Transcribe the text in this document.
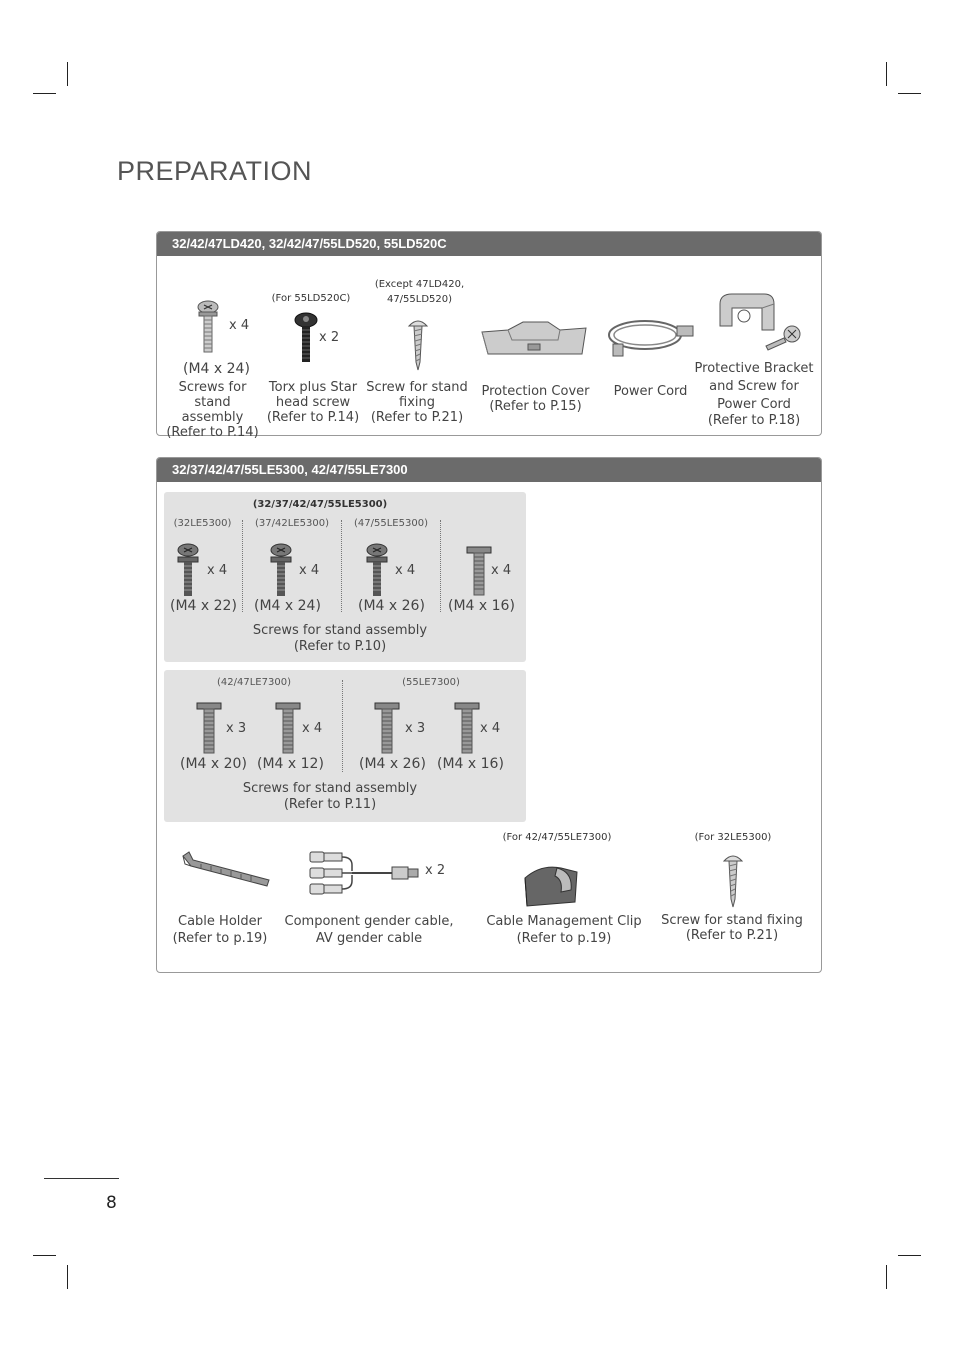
PREPARATION
32/42/47LD420, 32/42/47/55LD520, 55LD520C
x 4
(M4 x 24)
Screws for stand
assembly
(Refer to P.14)
(For 55LD520C)
x 2
Torx plus Star
head screw
(Refer to P.14)
(Except 47LD420,
47/55LD520)
Screw for stand
fixing
(Refer to P.21)
Protection Cover
(Refer to P.15)
Power Cord
Protective Bracket
and Screw for
Power Cord
(Refer to P.18)
32/37/42/47/55LE5300, 42/47/55LE7300
(32/37/42/47/55LE5300)
(32LE5300)	(37/42LE5300)	(47/55LE5300)
x 4	x 4	x 4	x 4
(M4 x 22) (M4 x 24)	(M4 x 26) (M4 x 16)
Screws for stand assembly
(Refer to P.10)
(42/47LE7300)	(55LE7300)
x 3	x 4	x 3	x 4
(M4 x 20) (M4 x 12)	(M4 x 26) (M4 x 16)
Screws for stand assembly
(Refer to P.11)
Cable Holder
(Refer to p.19)
x 2
Component gender cable,
AV gender cable
(For 42/47/55LE7300)
Cable Management Clip
(Refer to p.19)
(For 32LE5300)
Screw for stand fixing
(Refer to P.21)
8
